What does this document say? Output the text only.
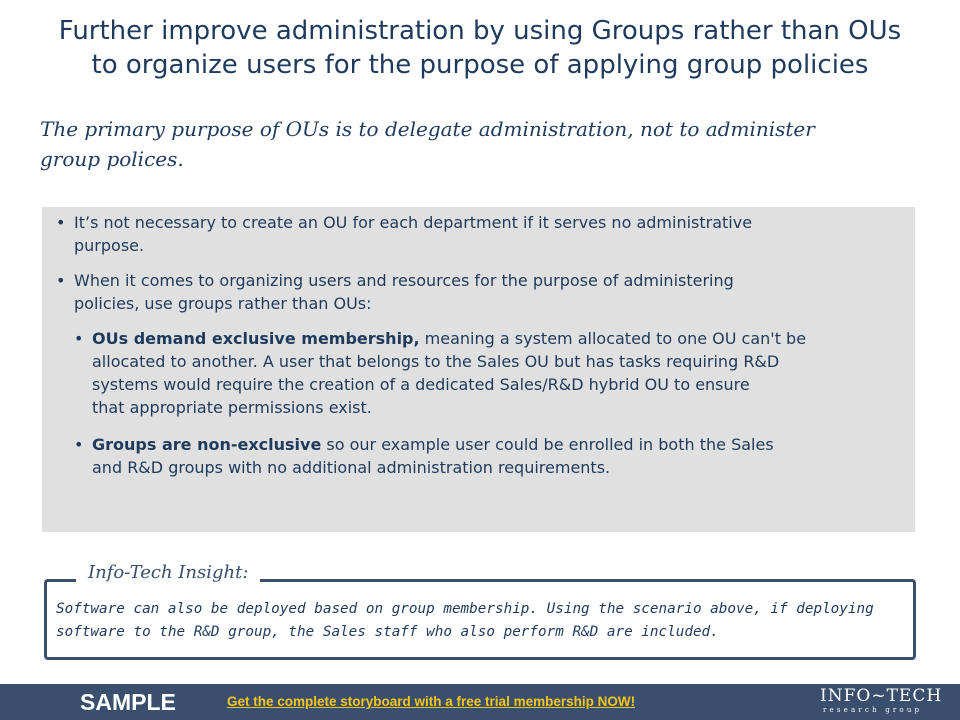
Further improve administration by using Groups rather than OUs
to organize users for the purpose of applying group policies
The primary purpose of OUs is to delegate administration, not to administer
group polices.
• It’s not necessary to create an OU for each department if it serves no administrative
purpose.
• When it comes to organizing users and resources for the purpose of administering
policies, use groups rather than OUs:
• OUs demand exclusive membership, meaning a system allocated to one OU can't be
allocated to another. A user that belongs to the Sales OU but has tasks requiring R&D
systems would require the creation of a dedicated Sales/R&D hybrid OU to ensure
that appropriate permissions exist.
• Groups are non-exclusive so our example user could be enrolled in both the Sales
and R&D groups with no additional administration requirements.
Info-Tech Insight:
Software can also be deployed based on group membership. Using the scenario above, if deploying
software to the R&D group, the Sales staff who also perform R&D are included.
SAMPLE	Get the complete storyboard with a free trial membership NOW!	INFO~TECH
research group
